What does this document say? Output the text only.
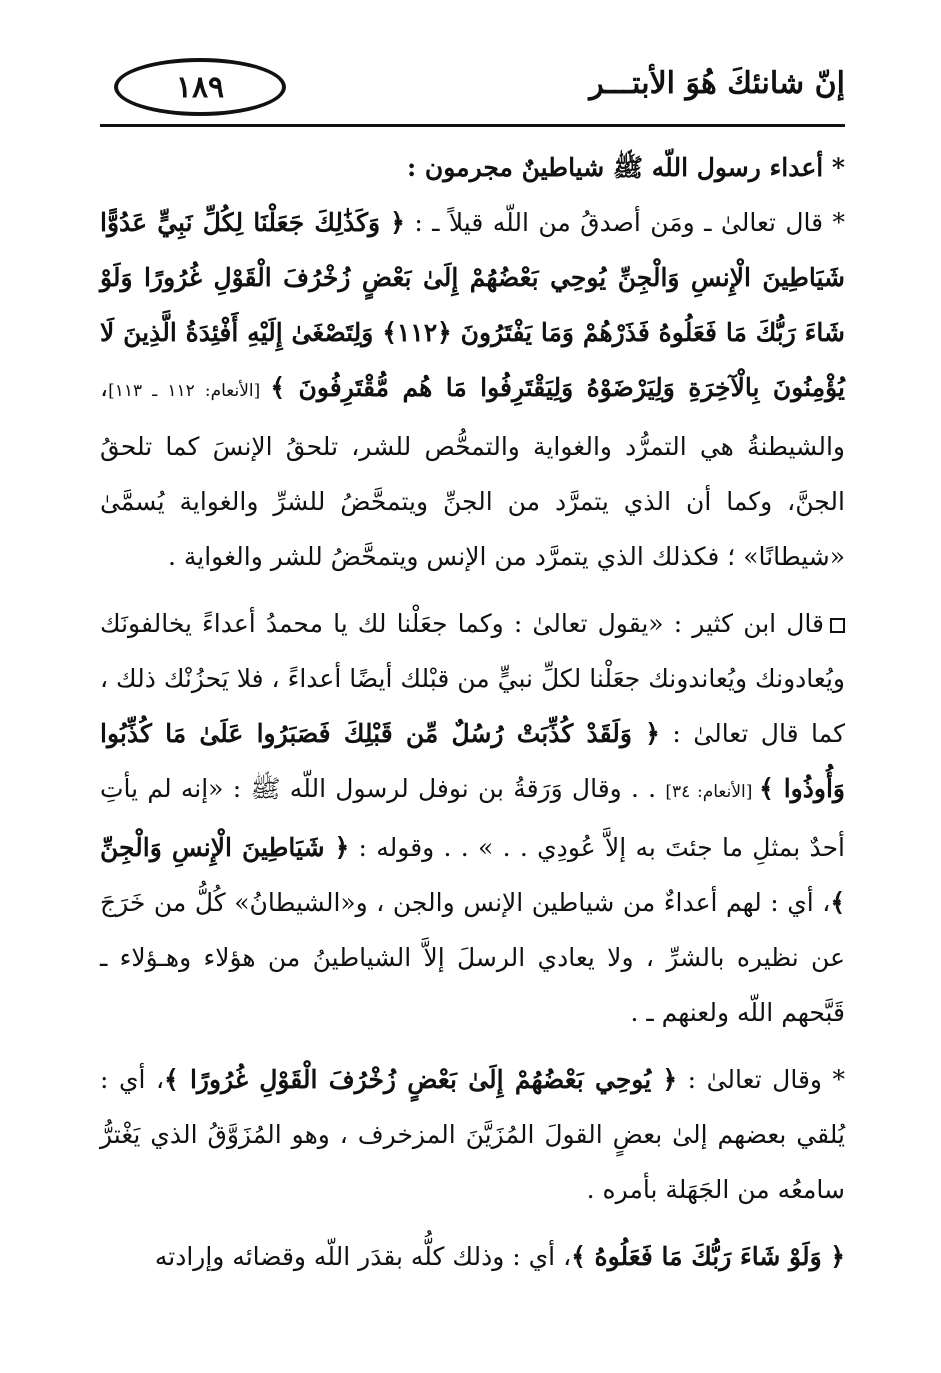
١٨٩	إنّ شانئكَ هُوَ الأبتـــر

* أعداء رسول اللّه ﷺ شياطينٌ مجرمون :

* قال تعالىٰ ـ ومَن أصدقُ من اللّه قيلاً ـ : ﴿ وَكَذَٰلِكَ جَعَلْنَا لِكُلِّ نَبِيٍّ عَدُوًّا شَيَاطِينَ الْإِنسِ وَالْجِنِّ يُوحِي بَعْضُهُمْ إِلَىٰ بَعْضٍ زُخْرُفَ الْقَوْلِ غُرُورًا وَلَوْ شَاءَ رَبُّكَ مَا فَعَلُوهُ فَذَرْهُمْ وَمَا يَفْتَرُونَ ﴿١١٢﴾ وَلِتَصْغَىٰ إِلَيْهِ أَفْئِدَةُ الَّذِينَ لَا يُؤْمِنُونَ بِالْآخِرَةِ وَلِيَرْضَوْهُ وَلِيَقْتَرِفُوا مَا هُم مُّقْتَرِفُونَ ﴾ [الأنعام: ١١٢ ـ ١١٣]، والشيطنةُ هي التمرُّد والغواية والتمحُّص للشر، تلحقُ الإنسَ كما تلحقُ الجنَّ، وكما أن الذي يتمرَّد من الجنِّ ويتمحَّضُ للشرِّ والغواية يُسمَّىٰ «شيطانًا» ؛ فكذلك الذي يتمرَّد من الإنس ويتمحَّضُ للشر والغواية .

قال ابن كثير : «يقول تعالىٰ : وكما جعَلْنا لك يا محمدُ أعداءً يخالفونَك ويُعادونك ويُعاندونك جعَلْنا لكلِّ نبيٍّ من قبْلك أيضًا أعداءً ، فلا يَحزُنْك ذلك ، كما قال تعالىٰ : ﴿ وَلَقَدْ كُذِّبَتْ رُسُلٌ مِّن قَبْلِكَ فَصَبَرُوا عَلَىٰ مَا كُذِّبُوا وَأُوذُوا ﴾ [الأنعام: ٣٤] . . وقال وَرَقةُ بن نوفل لرسول اللّه ﷺ : «إنه لم يأتِ أحدٌ بمثلِ ما جئتَ به إلاَّ عُودِي . . » . . وقوله : ﴿ شَيَاطِينَ الْإِنسِ وَالْجِنِّ ﴾، أي : لهم أعداءٌ من شياطين الإنس والجن ، و«الشيطانُ» كُلُّ من خَرَجَ عن نظيره بالشرِّ ، ولا يعادي الرسلَ إلاَّ الشياطينُ من هؤلاء وهـؤلاء ـ قَبَّحهم اللّه ولعنهم ـ .

* وقال تعالىٰ : ﴿ يُوحِي بَعْضُهُمْ إِلَىٰ بَعْضٍ زُخْرُفَ الْقَوْلِ غُرُورًا ﴾، أي : يُلقي بعضهم إلىٰ بعضٍ القولَ المُزَيَّنَ المزخرف ، وهو المُزَوَّقُ الذي يَغْترُّ سامعُه من الجَهَلة بأمره .

﴿ وَلَوْ شَاءَ رَبُّكَ مَا فَعَلُوهُ ﴾، أي : وذلك كلُّه بقدَر اللّه وقضائه وإرادته
